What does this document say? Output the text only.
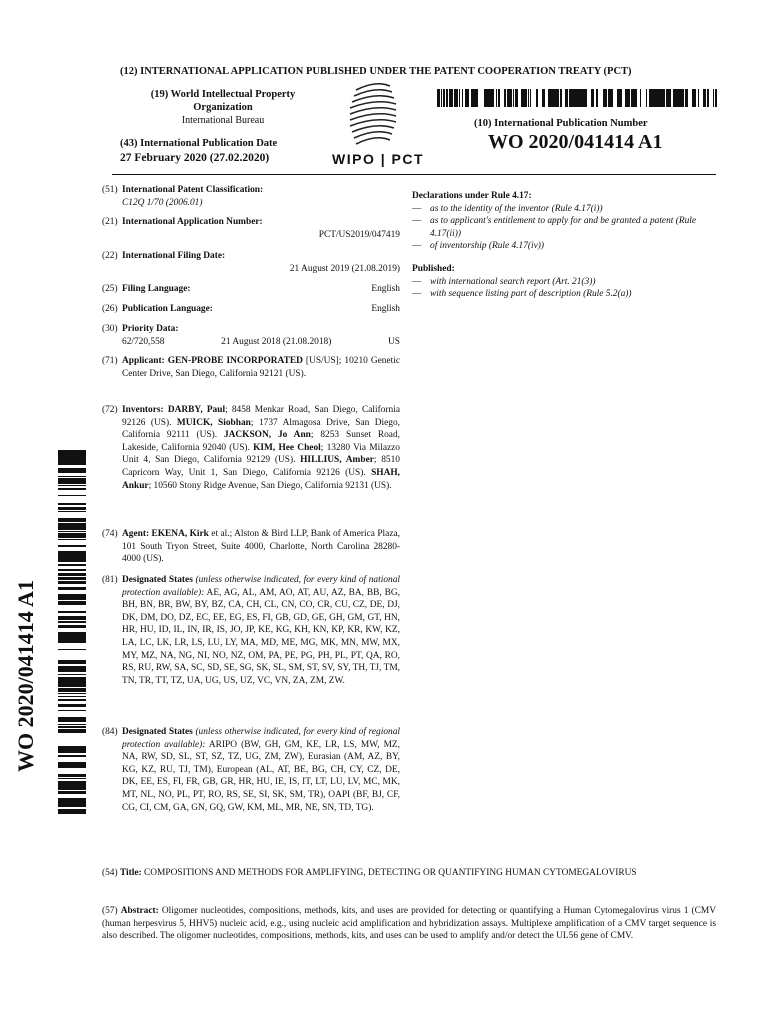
(12) INTERNATIONAL APPLICATION PUBLISHED UNDER THE PATENT COOPERATION TREATY (PCT)
(19) World Intellectual Property
Organization
International Bureau
(43) International Publication Date
27 February 2020 (27.02.2020)	WIPO | PCT
(10) International Publication Number
WO 2020/041414 A1
(51) International Patent Classification:
C12Q 1/70 (2006.01)
(21) International Application Number:
PCT/US2019/047419
(22) International Filing Date:
21 August 2019 (21.08.2019)
(25) Filing Language:	English
(26) Publication Language:	English
(30) Priority Data:
62/720,558	21 August 2018 (21.08.2018)	US
(71) Applicant: GEN-PROBE INCORPORATED [US/US]; 10210 Genetic Center Drive, San Diego, California 92121 (US).
(72) Inventors: DARBY, Paul; 8458 Menkar Road, San Diego, California 92126 (US). MUICK, Siobhan; 1737 Almagosa Drive, San Diego, California 92111 (US). JACKSON, Jo Ann; 8253 Sunset Road, Lakeside, California 92040 (US). KIM, Hee Cheol; 13280 Via Milazzo Unit 4, San Diego, California 92129 (US). HILLIUS, Amber; 8510 Capricorn Way, Unit 1, San Diego, California 92126 (US). SHAH, Ankur; 10560 Stony Ridge Avenue, San Diego, California 92131 (US).
(74) Agent: EKENA, Kirk et al.; Alston & Bird LLP, Bank of America Plaza, 101 South Tryon Street, Suite 4000, Charlotte, North Carolina 28280-4000 (US).
(81) Designated States (unless otherwise indicated, for every kind of national protection available): AE, AG, AL, AM, AO, AT, AU, AZ, BA, BB, BG, BH, BN, BR, BW, BY, BZ, CA, CH, CL, CN, CO, CR, CU, CZ, DE, DJ, DK, DM, DO, DZ, EC, EE, EG, ES, FI, GB, GD, GE, GH, GM, GT, HN, HR, HU, ID, IL, IN, IR, IS, JO, JP, KE, KG, KH, KN, KP, KR, KW, KZ, LA, LC, LK, LR, LS, LU, LY, MA, MD, ME, MG, MK, MN, MW, MX, MY, MZ, NA, NG, NI, NO, NZ, OM, PA, PE, PG, PH, PL, PT, QA, RO, RS, RU, RW, SA, SC, SD, SE, SG, SK, SL, SM, ST, SV, SY, TH, TJ, TM, TN, TR, TT, TZ, UA, UG, US, UZ, VC, VN, ZA, ZM, ZW.
(84) Designated States (unless otherwise indicated, for every kind of regional protection available): ARIPO (BW, GH, GM, KE, LR, LS, MW, MZ, NA, RW, SD, SL, ST, SZ, TZ, UG, ZM, ZW), Eurasian (AM, AZ, BY, KG, KZ, RU, TJ, TM), European (AL, AT, BE, BG, CH, CY, CZ, DE, DK, EE, ES, FI, FR, GB, GR, HR, HU, IE, IS, IT, LT, LU, LV, MC, MK, MT, NL, NO, PL, PT, RO, RS, SE, SI, SK, SM, TR), OAPI (BF, BJ, CF, CG, CI, CM, GA, GN, GQ, GW, KM, ML, MR, NE, SN, TD, TG).
Declarations under Rule 4.17:
— as to the identity of the inventor (Rule 4.17(i))
— as to applicant's entitlement to apply for and be granted a patent (Rule 4.17(ii))
— of inventorship (Rule 4.17(iv))
Published:
— with international search report (Art. 21(3))
— with sequence listing part of description (Rule 5.2(a))
(54) Title: COMPOSITIONS AND METHODS FOR AMPLIFYING, DETECTING OR QUANTIFYING HUMAN CYTOMEGALOVIRUS
(57) Abstract: Oligomer nucleotides, compositions, methods, kits, and uses are provided for detecting or quantifying a Human Cytomegalovirus virus 1 (CMV (human herpesvirus 5, HHV5) nucleic acid, e.g., using nucleic acid amplification and hybridization assays. Multiplexe amplification of a CMV target sequence is also described. The oligomer nucleotides, compositions, methods, kits, and uses can be used to amplify and/or detect the UL56 gene of CMV.
WO 2020/041414 A1
